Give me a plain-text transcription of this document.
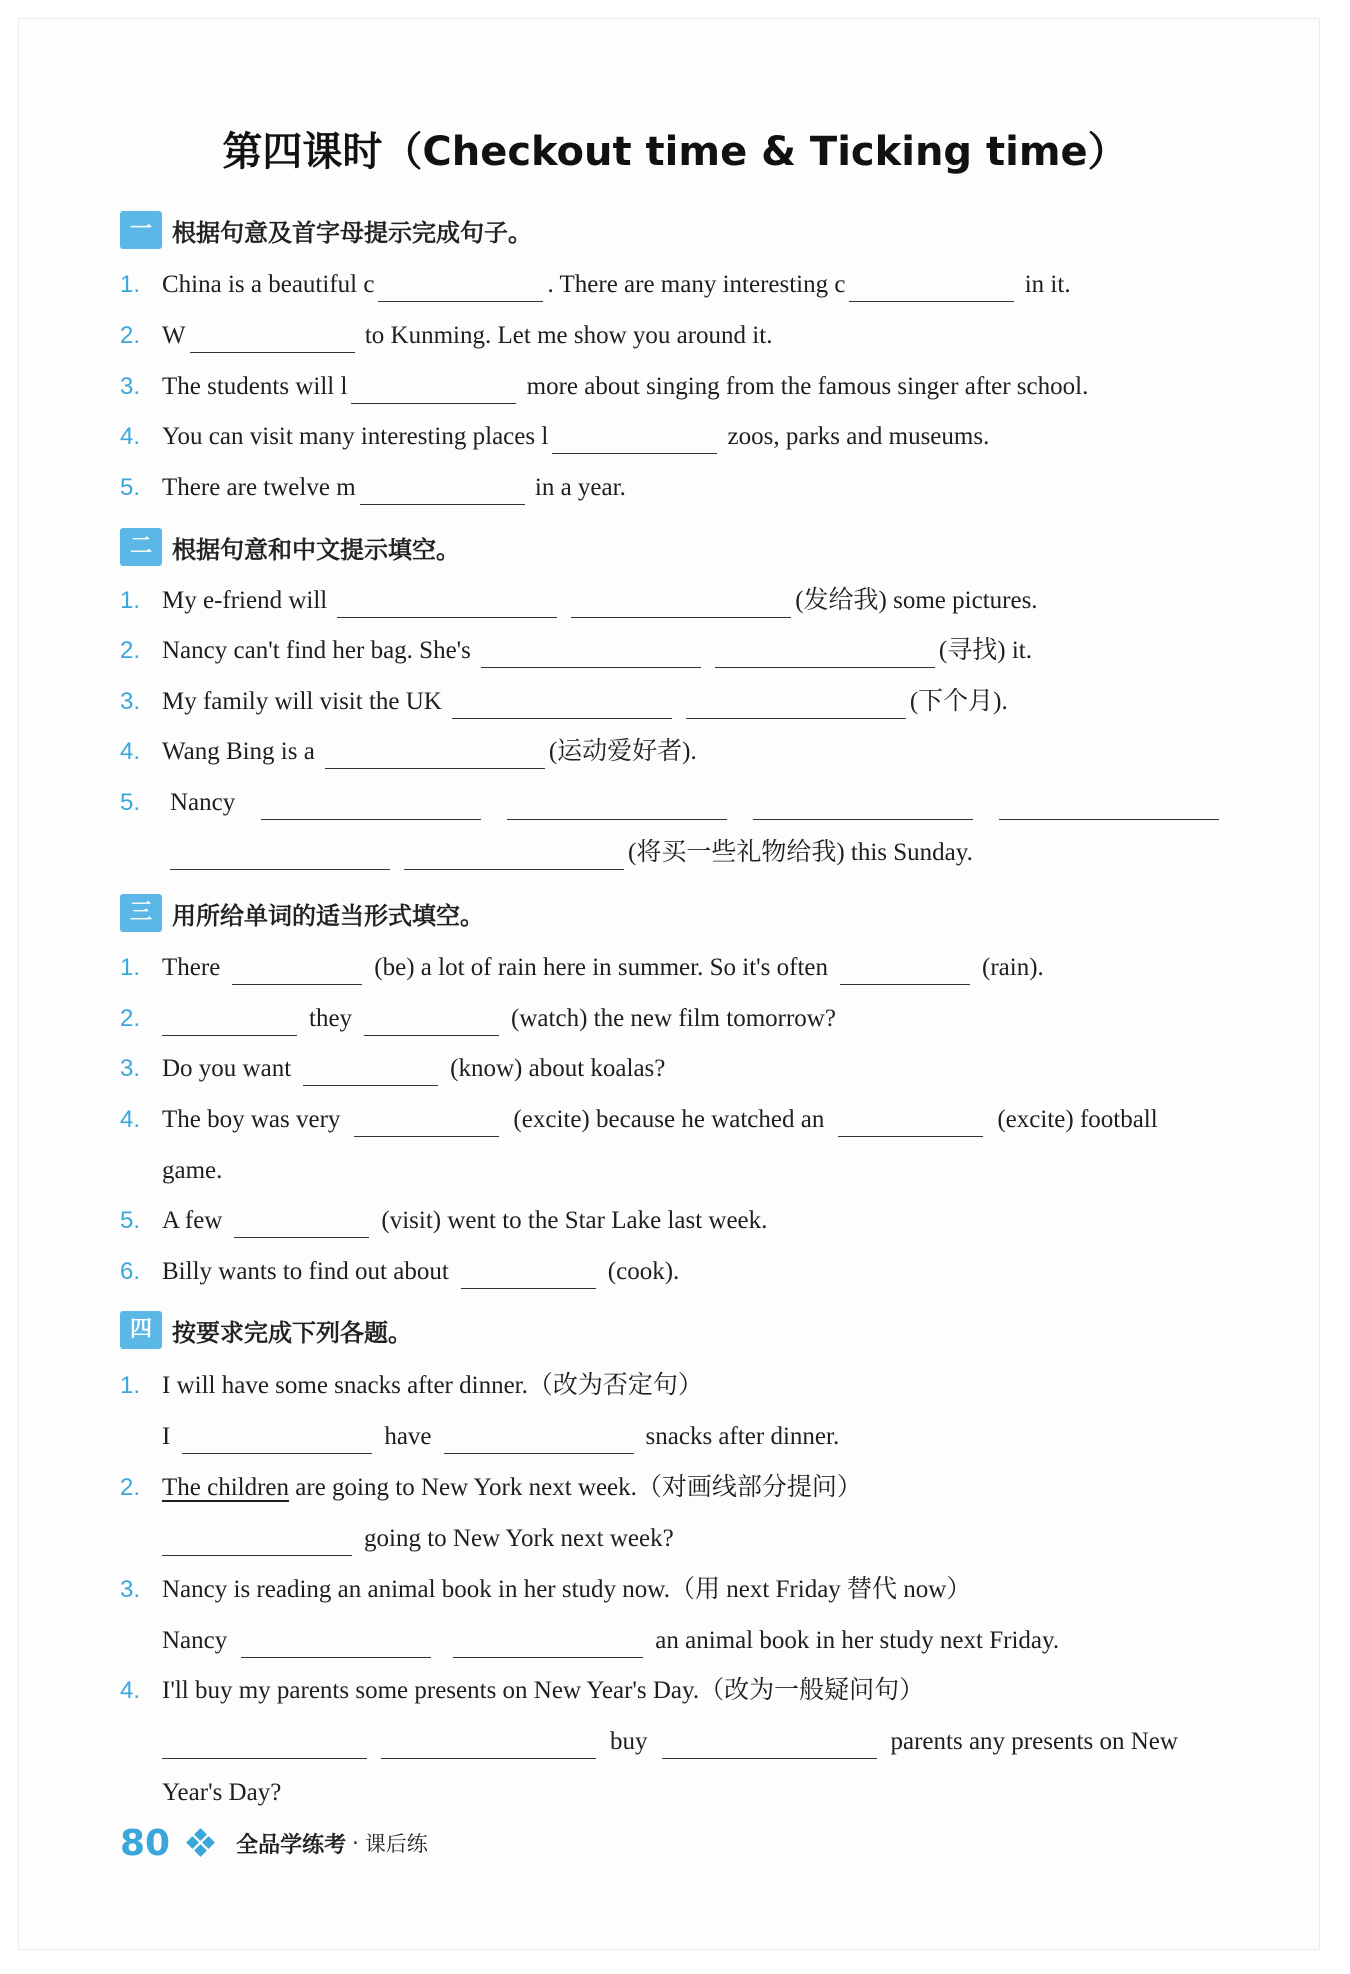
第四课时（Checkout time & Ticking time）
一 根据句意及首字母提示完成句子。
1. China is a beautiful c	. There are many interesting c	in it.
2. W	to Kunming. Let me show you around it.
3. The students will l	more about singing from the famous singer after school.
4. You can visit many interesting places l	zoos, parks and museums.
5. There are twelve m	in a year.
二 根据句意和中文提示填空。
1. My e-friend will	(发给我) some pictures.
2. Nancy can't find her bag. She's	(寻找) it.
3. My family will visit the UK	(下个月).
4. Wang Bing is a	(运动爱好者).
5.	Nancy
(将买一些礼物给我) this Sunday.
三 用所给单词的适当形式填空。
1. There	(be) a lot of rain here in summer. So it's often	(rain).
2.	they	(watch) the new film tomorrow?
3. Do you want	(know) about koalas?
4. The boy was very	(excite) because he watched an	(excite) football
game.
5. A few	(visit) went to the Star Lake last week.
6. Billy wants to find out about	(cook).
四 按要求完成下列各题。
1. I will have some snacks after dinner.（改为否定句）
I	have	snacks after dinner.
2. The children are going to New York next week.（对画线部分提问）
going to New York next week?
3. Nancy is reading an animal book in her study now.（用 next Friday 替代 now）
Nancy	an animal book in her study next Friday.
4. I'll buy my parents some presents on New Year's Day.（改为一般疑问句）
buy	parents any presents on New
Year's Day?
80	全品学练考 · 课后练
